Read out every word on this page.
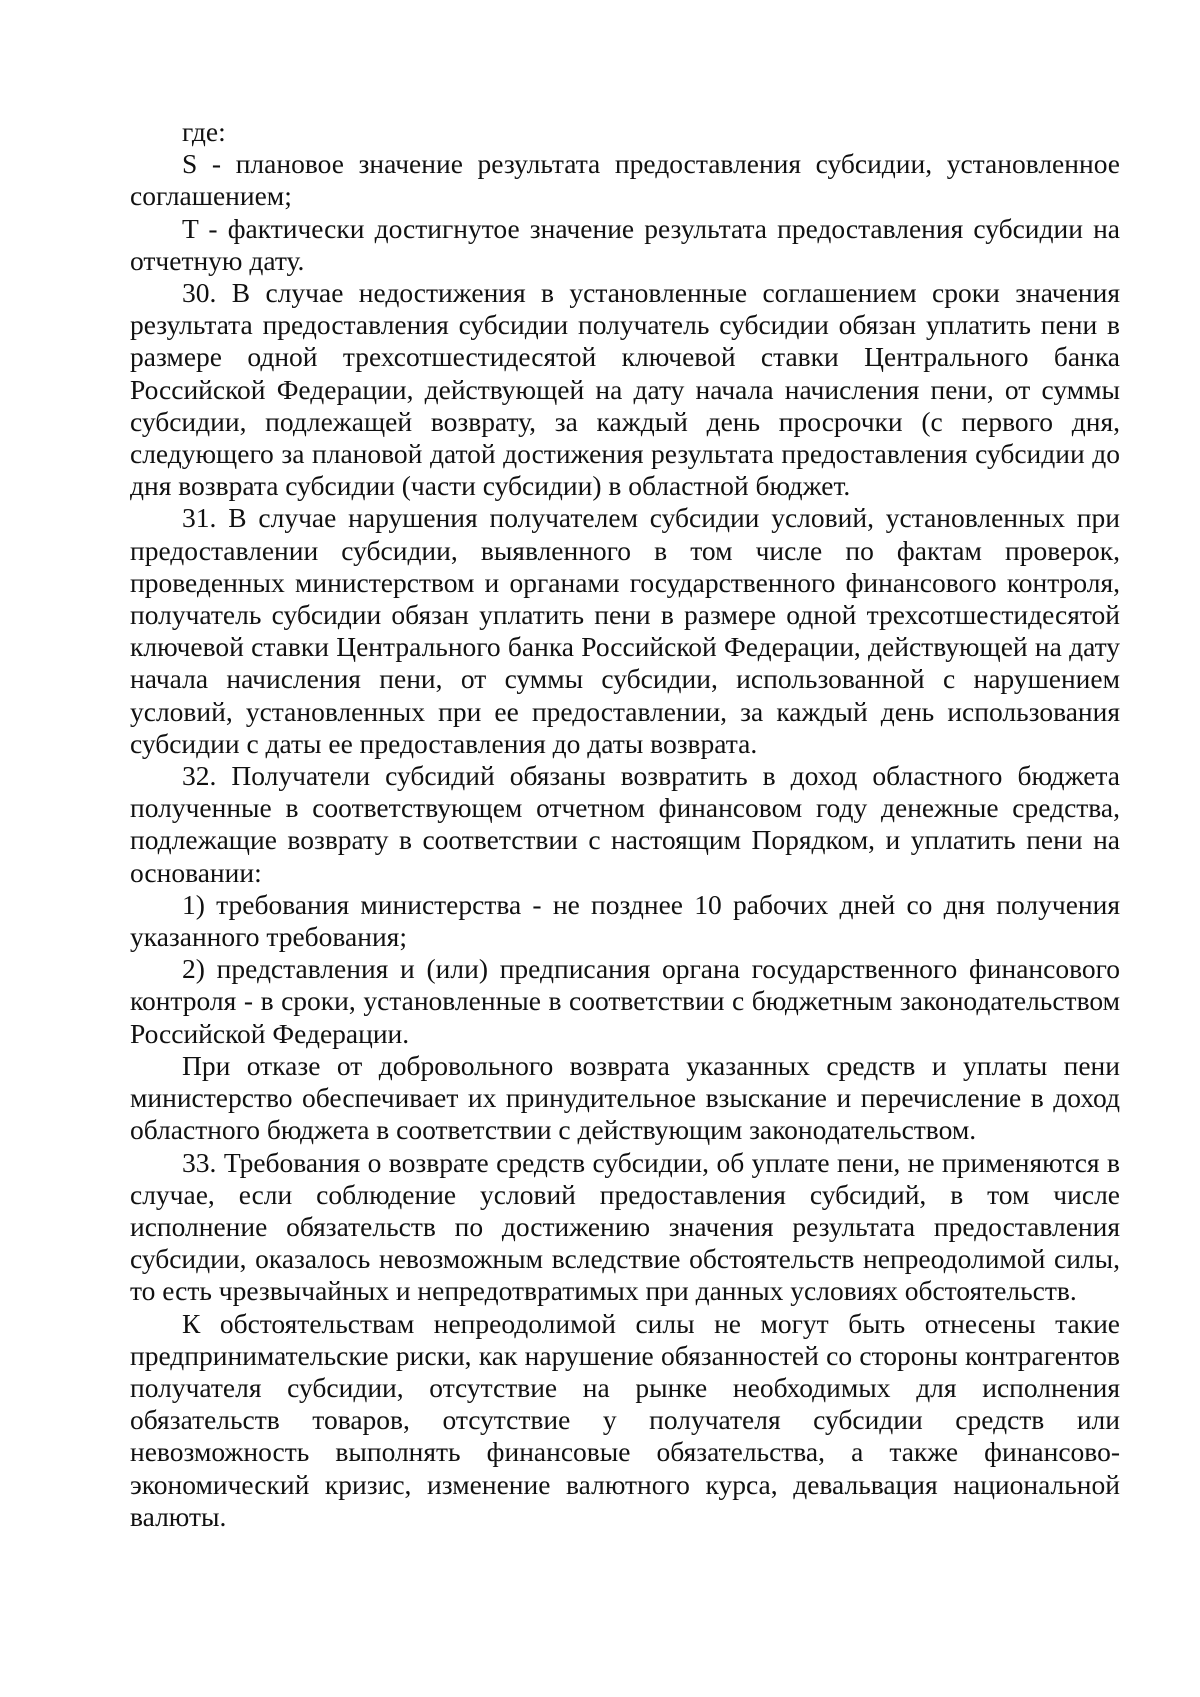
где:

S - плановое значение результата предоставления субсидии, установленное соглашением;

T - фактически достигнутое значение результата предоставления субсидии на отчетную дату.

30. В случае недостижения в установленные соглашением сроки значения результата предоставления субсидии получатель субсидии обязан уплатить пени в размере одной трехсотшестидесятой ключевой ставки Центрального банка Российской Федерации, действующей на дату начала начисления пени, от суммы субсидии, подлежащей возврату, за каждый день просрочки (с первого дня, следующего за плановой датой достижения результата предоставления субсидии до дня возврата субсидии (части субсидии) в областной бюджет.

31. В случае нарушения получателем субсидии условий, установленных при предоставлении субсидии, выявленного в том числе по фактам проверок, проведенных министерством и органами государственного финансового контроля, получатель субсидии обязан уплатить пени в размере одной трехсотшестидесятой ключевой ставки Центрального банка Российской Федерации, действующей на дату начала начисления пени, от суммы субсидии, использованной с нарушением условий, установленных при ее предоставлении, за каждый день использования субсидии с даты ее предоставления до даты возврата.

32. Получатели субсидий обязаны возвратить в доход областного бюджета полученные в соответствующем отчетном финансовом году денежные средства, подлежащие возврату в соответствии с настоящим Порядком, и уплатить пени на основании:

1) требования министерства - не позднее 10 рабочих дней со дня получения указанного требования;

2) представления и (или) предписания органа государственного финансового контроля - в сроки, установленные в соответствии с бюджетным законодательством Российской Федерации.

При отказе от добровольного возврата указанных средств и уплаты пени министерство обеспечивает их принудительное взыскание и перечисление в доход областного бюджета в соответствии с действующим законодательством.

33. Требования о возврате средств субсидии, об уплате пени, не применяются в случае, если соблюдение условий предоставления субсидий, в том числе исполнение обязательств по достижению значения результата предоставления субсидии, оказалось невозможным вследствие обстоятельств непреодолимой силы, то есть чрезвычайных и непредотвратимых при данных условиях обстоятельств.

К обстоятельствам непреодолимой силы не могут быть отнесены такие предпринимательские риски, как нарушение обязанностей со стороны контрагентов получателя субсидии, отсутствие на рынке необходимых для исполнения обязательств товаров, отсутствие у получателя субсидии средств или невозможность выполнять финансовые обязательства, а также финансово-экономический кризис, изменение валютного курса, девальвация национальной валюты.
